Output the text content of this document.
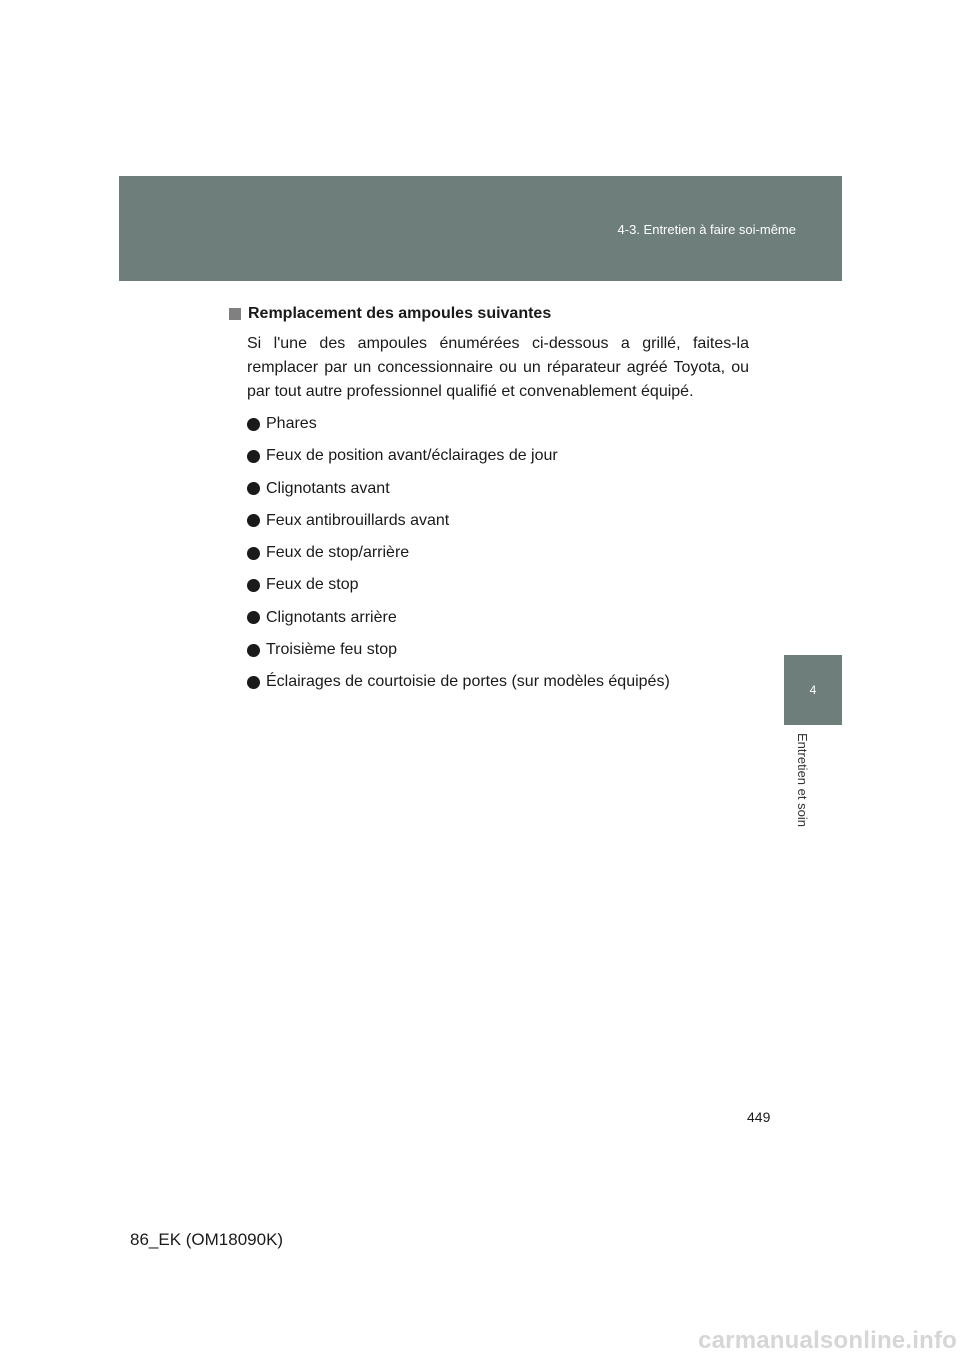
4-3. Entretien à faire soi-même
4
Entretien et soin
Remplacement des ampoules suivantes

Si l'une des ampoules énumérées ci-dessous a grillé, faites-la remplacer par un concessionnaire ou un réparateur agréé Toyota, ou par tout autre professionnel qualifié et convenablement équipé.

Phares
Feux de position avant/éclairages de jour
Clignotants avant
Feux antibrouillards avant
Feux de stop/arrière
Feux de stop
Clignotants arrière
Troisième feu stop
Éclairages de courtoisie de portes (sur modèles équipés)
449
86_EK (OM18090K)
carmanualsonline.info
